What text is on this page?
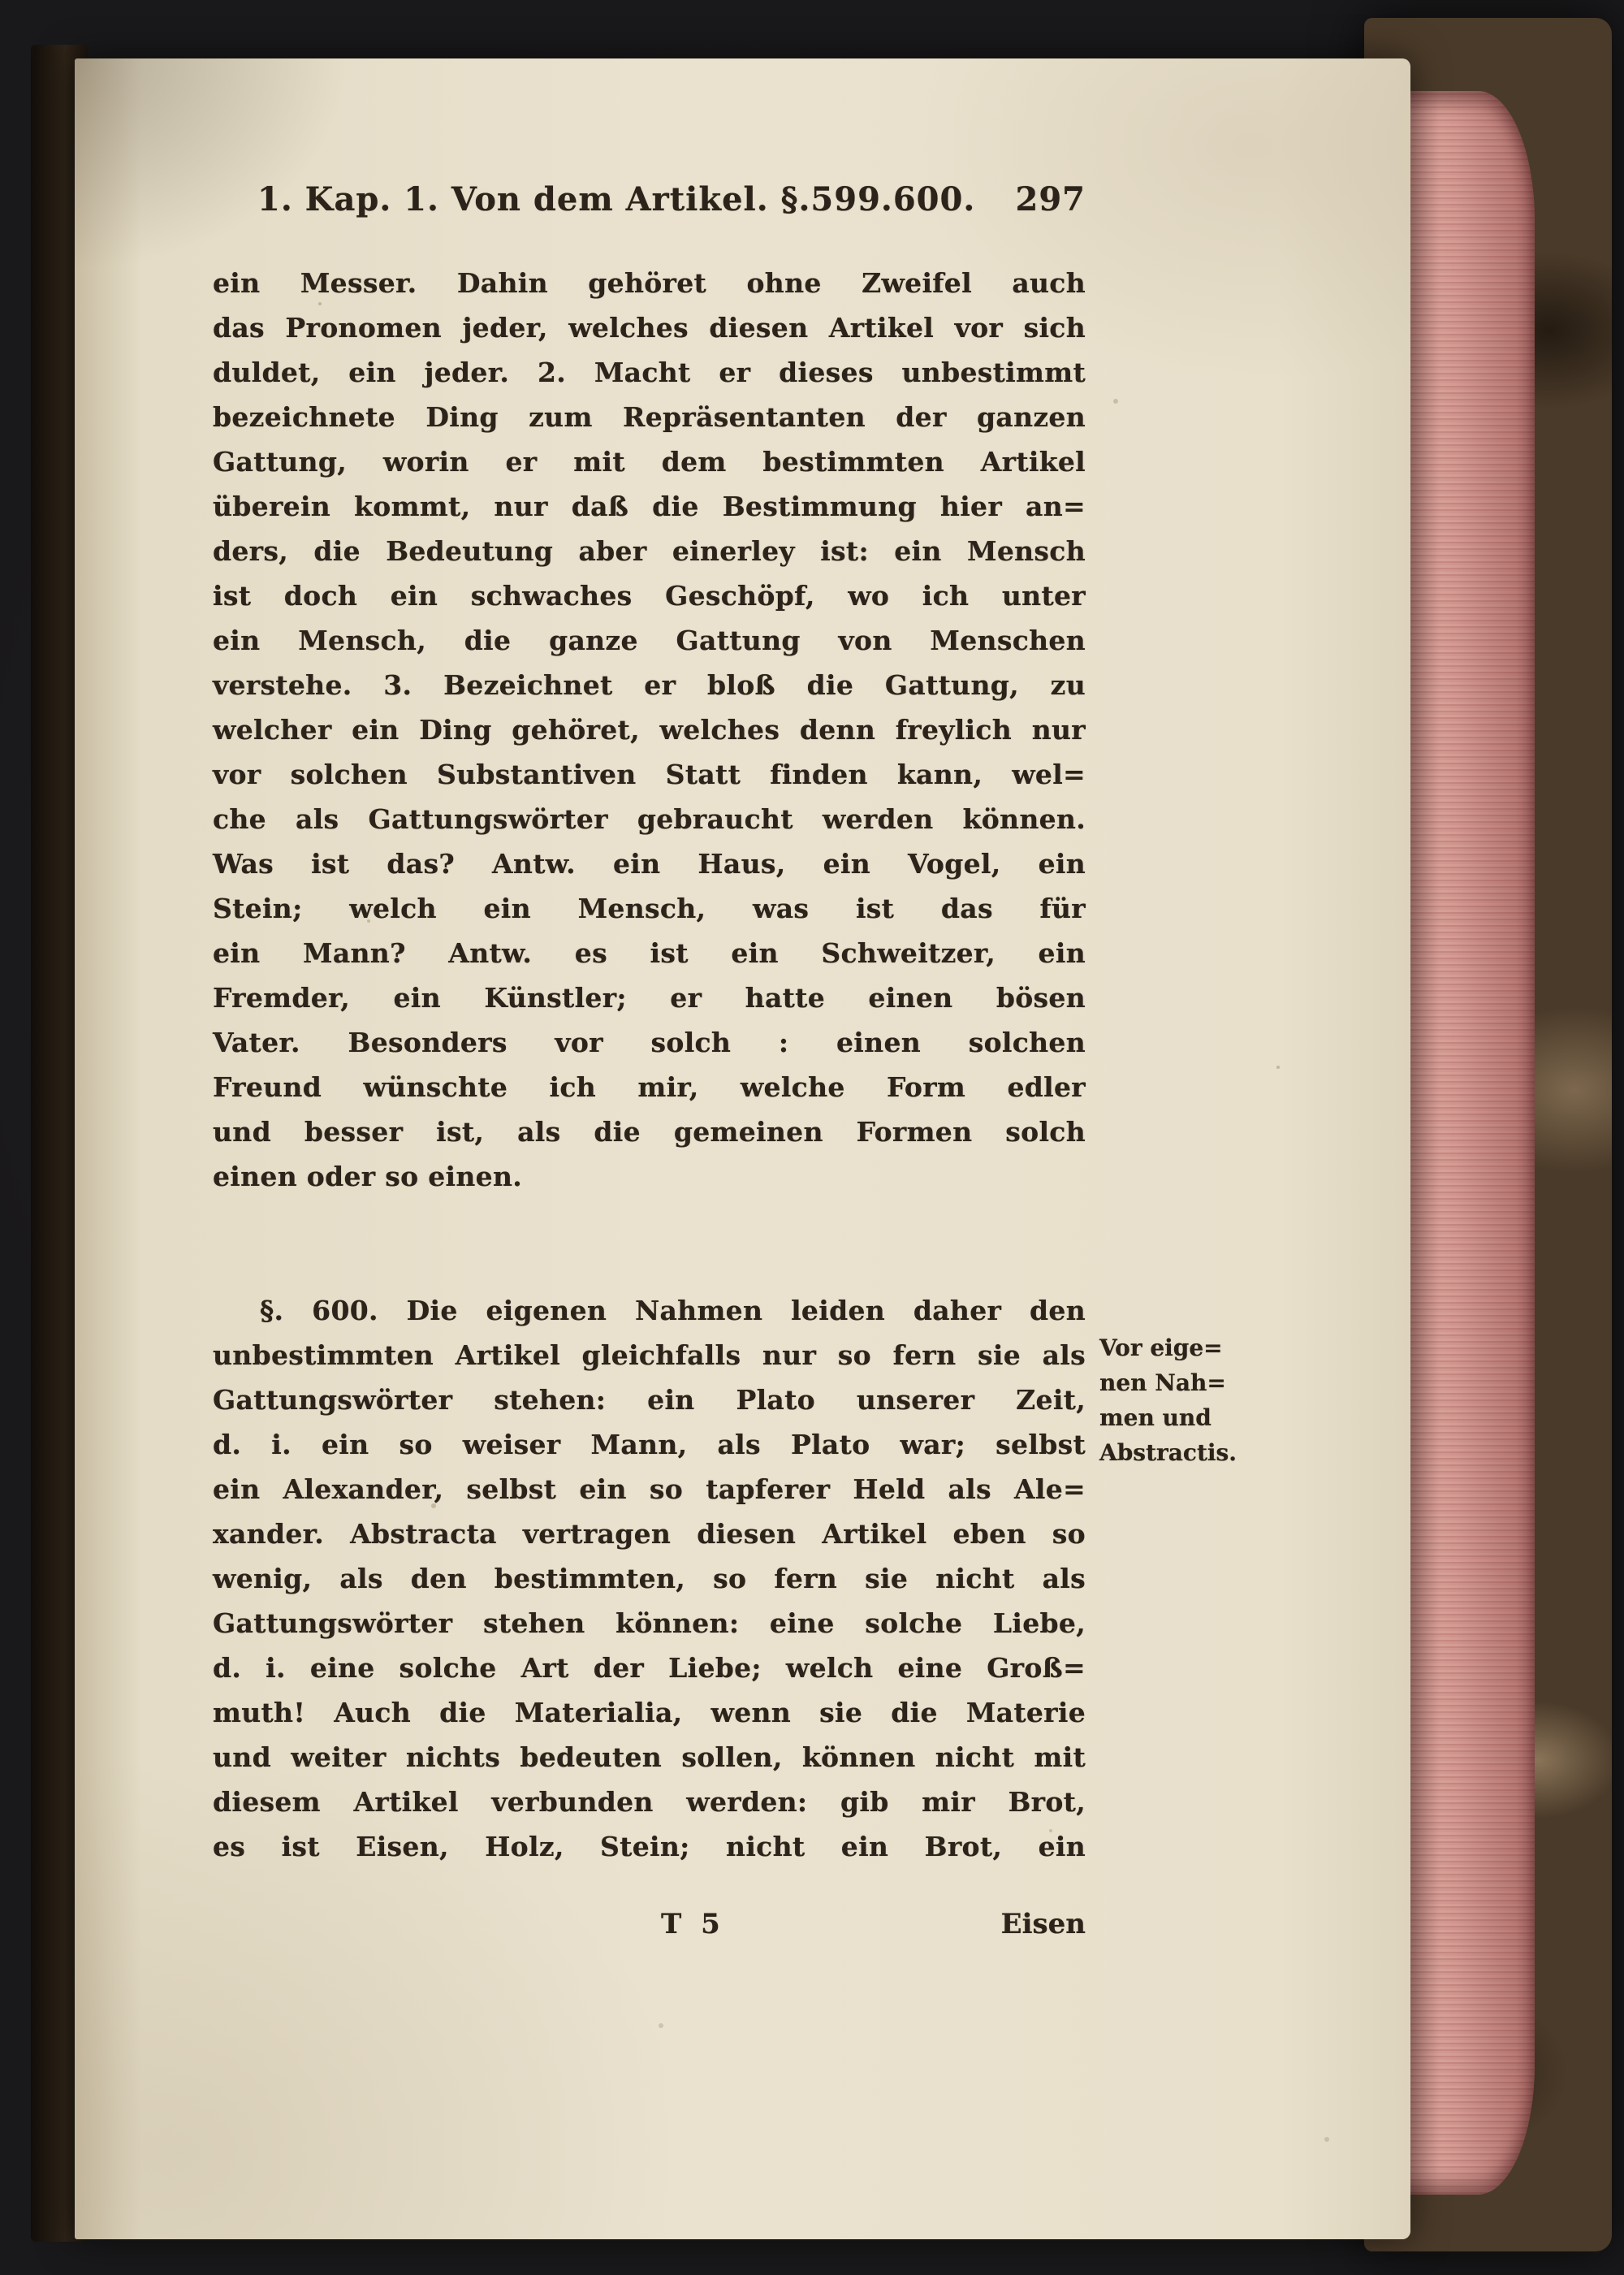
1. Kap. 1. Von dem Artikel. §.599.600. 297
ein Messer. Dahin gehöret ohne Zweifel auch
das Pronomen jeder, welches diesen Artikel vor sich
duldet, ein jeder. 2. Macht er dieses unbestimmt
bezeichnete Ding zum Repräsentanten der ganzen
Gattung, worin er mit dem bestimmten Artikel
überein kommt, nur daß die Bestimmung hier an=
ders, die Bedeutung aber einerley ist: ein Mensch
ist doch ein schwaches Geschöpf, wo ich unter
ein Mensch, die ganze Gattung von Menschen
verstehe. 3. Bezeichnet er bloß die Gattung, zu
welcher ein Ding gehöret, welches denn freylich nur
vor solchen Substantiven Statt finden kann, wel=
che als Gattungswörter gebraucht werden können.
Was ist das? Antw. ein Haus, ein Vogel, ein
Stein; welch ein Mensch, was ist das für
ein Mann? Antw. es ist ein Schweitzer, ein
Fremder, ein Künstler; er hatte einen bösen
Vater. Besonders vor solch : einen solchen
Freund wünschte ich mir, welche Form edler
und besser ist, als die gemeinen Formen solch
einen oder so einen.
§. 600. Die eigenen Nahmen leiden daher den
unbestimmten Artikel gleichfalls nur so fern sie als
Gattungswörter stehen: ein Plato unserer Zeit,
d. i. ein so weiser Mann, als Plato war; selbst
ein Alexander, selbst ein so tapferer Held als Ale=
xander. Abstracta vertragen diesen Artikel eben so
wenig, als den bestimmten, so fern sie nicht als
Gattungswörter stehen können: eine solche Liebe,
d. i. eine solche Art der Liebe; welch eine Groß=
muth! Auch die Materialia, wenn sie die Materie
und weiter nichts bedeuten sollen, können nicht mit
diesem Artikel verbunden werden: gib mir Brot,
es ist Eisen, Holz, Stein; nicht ein Brot, ein
Vor eige=
nen Nah=
men und
Abstractis.
T 5	Eisen
